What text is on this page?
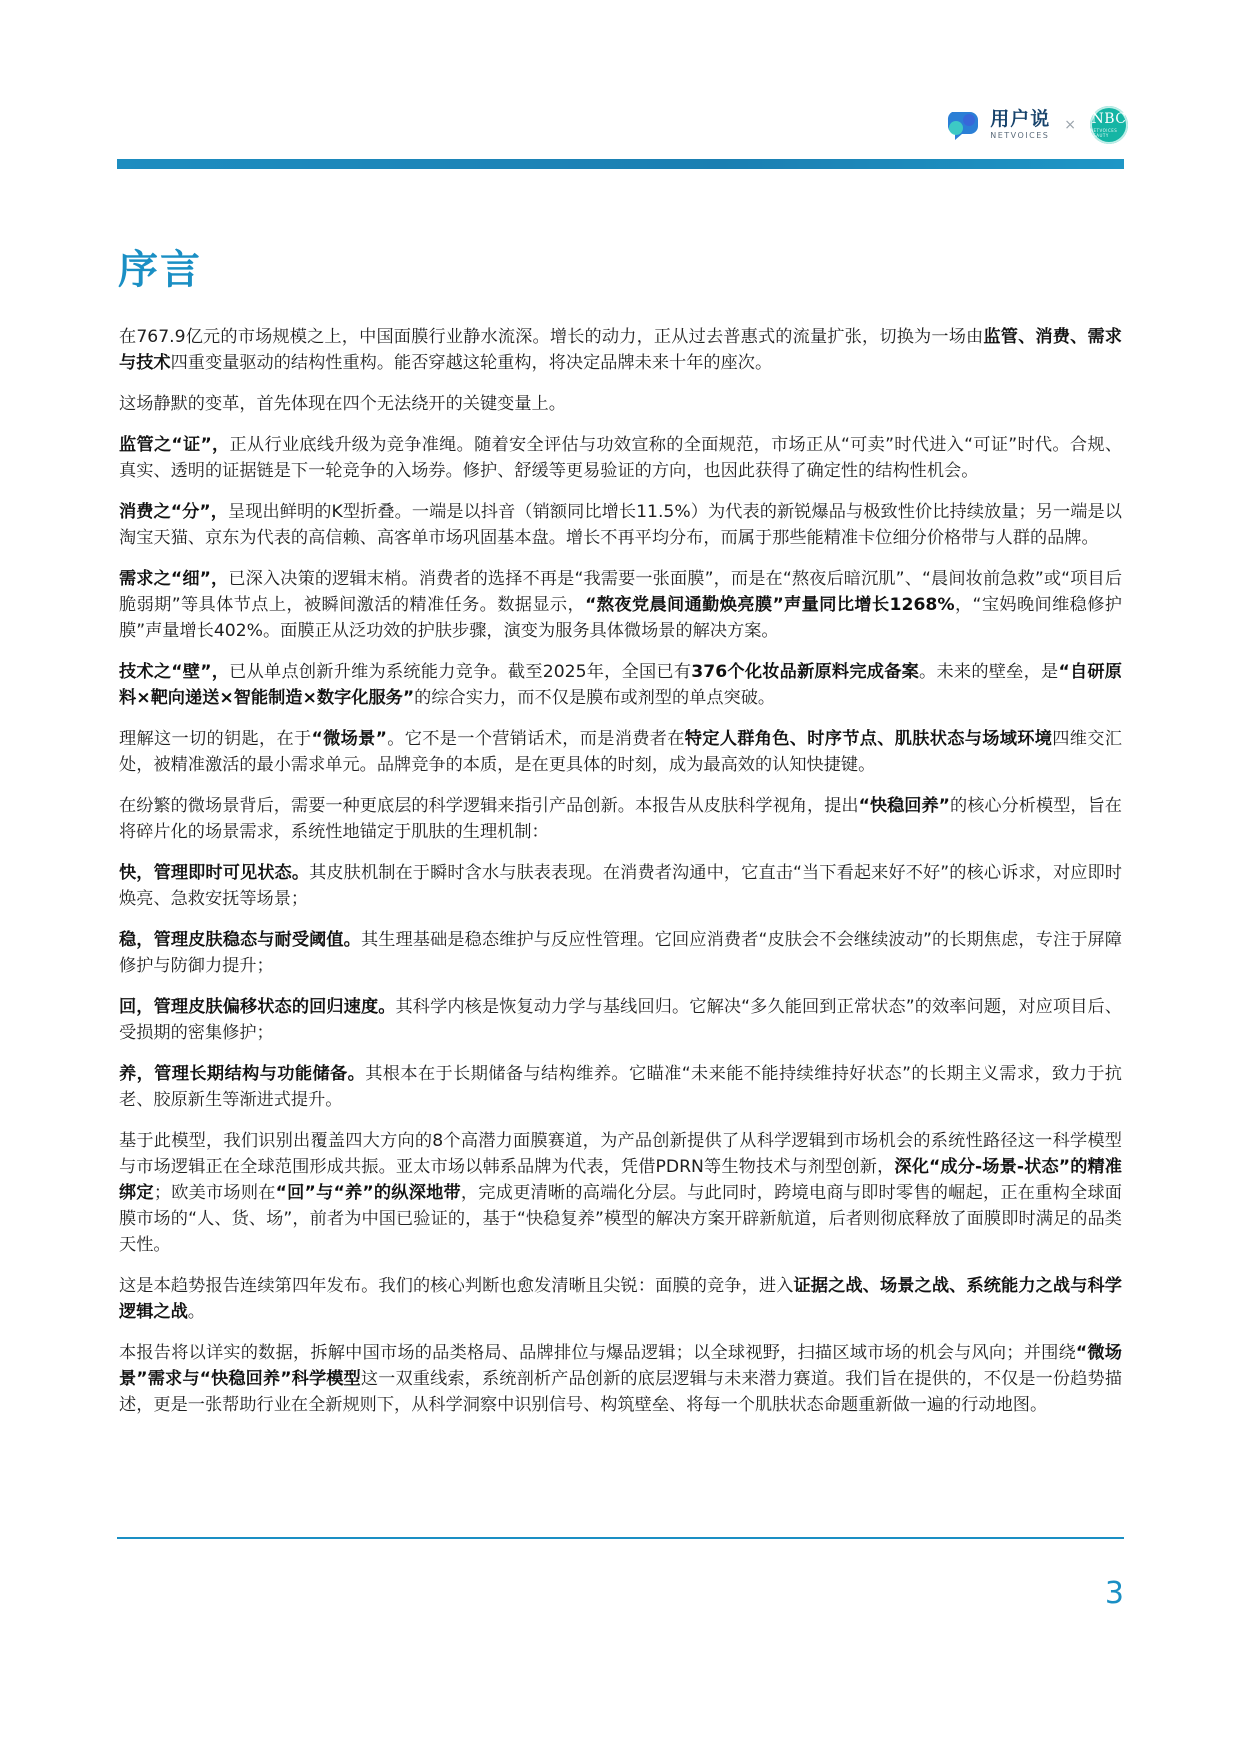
用户说
NETVOICES
× NBC
NETVOICES BEAUTY
序言

在767.9亿元的市场规模之上，中国面膜行业静水流深。增长的动力，正从过去普惠式的流量扩张，切换为一场由监管、消费、需求与技术四重变量驱动的结构性重构。能否穿越这轮重构，将决定品牌未来十年的座次。

这场静默的变革，首先体现在四个无法绕开的关键变量上。

监管之“证”，正从行业底线升级为竞争准绳。随着安全评估与功效宣称的全面规范，市场正从“可卖”时代进入“可证”时代。合规、真实、透明的证据链是下一轮竞争的入场券。修护、舒缓等更易验证的方向，也因此获得了确定性的结构性机会。

消费之“分”，呈现出鲜明的K型折叠。一端是以抖音（销额同比增长11.5%）为代表的新锐爆品与极致性价比持续放量；另一端是以淘宝天猫、京东为代表的高信赖、高客单市场巩固基本盘。增长不再平均分布，而属于那些能精准卡位细分价格带与人群的品牌。

需求之“细”，已深入决策的逻辑末梢。消费者的选择不再是“我需要一张面膜”，而是在“熬夜后暗沉肌”、“晨间妆前急救”或“项目后脆弱期”等具体节点上，被瞬间激活的精准任务。数据显示，“熬夜党晨间通勤焕亮膜”声量同比增长1268%，“宝妈晚间维稳修护膜”声量增长402%。面膜正从泛功效的护肤步骤，演变为服务具体微场景的解决方案。

技术之“壁”，已从单点创新升维为系统能力竞争。截至2025年，全国已有376个化妆品新原料完成备案。未来的壁垒，是“自研原料×靶向递送×智能制造×数字化服务”的综合实力，而不仅是膜布或剂型的单点突破。

理解这一切的钥匙，在于“微场景”。它不是一个营销话术，而是消费者在特定人群角色、时序节点、肌肤状态与场域环境四维交汇处，被精准激活的最小需求单元。品牌竞争的本质，是在更具体的时刻，成为最高效的认知快捷键。

在纷繁的微场景背后，需要一种更底层的科学逻辑来指引产品创新。本报告从皮肤科学视角，提出“快稳回养”的核心分析模型，旨在将碎片化的场景需求，系统性地锚定于肌肤的生理机制：

快，管理即时可见状态。其皮肤机制在于瞬时含水与肤表表现。在消费者沟通中，它直击“当下看起来好不好”的核心诉求，对应即时焕亮、急救安抚等场景；

稳，管理皮肤稳态与耐受阈值。其生理基础是稳态维护与反应性管理。它回应消费者“皮肤会不会继续波动”的长期焦虑，专注于屏障修护与防御力提升；

回，管理皮肤偏移状态的回归速度。其科学内核是恢复动力学与基线回归。它解决“多久能回到正常状态”的效率问题，对应项目后、受损期的密集修护；

养，管理长期结构与功能储备。其根本在于长期储备与结构维养。它瞄准“未来能不能持续维持好状态”的长期主义需求，致力于抗老、胶原新生等渐进式提升。

基于此模型，我们识别出覆盖四大方向的8个高潜力面膜赛道，为产品创新提供了从科学逻辑到市场机会的系统性路径这一科学模型与市场逻辑正在全球范围形成共振。亚太市场以韩系品牌为代表，凭借PDRN等生物技术与剂型创新，深化“成分-场景-状态”的精准绑定；欧美市场则在“回”与“养”的纵深地带，完成更清晰的高端化分层。与此同时，跨境电商与即时零售的崛起，正在重构全球面膜市场的“人、货、场”，前者为中国已验证的，基于“快稳复养”模型的解决方案开辟新航道，后者则彻底释放了面膜即时满足的品类天性。

这是本趋势报告连续第四年发布。我们的核心判断也愈发清晰且尖锐：面膜的竞争，进入证据之战、场景之战、系统能力之战与科学逻辑之战。

本报告将以详实的数据，拆解中国市场的品类格局、品牌排位与爆品逻辑；以全球视野，扫描区域市场的机会与风向；并围绕“微场景”需求与“快稳回养”科学模型这一双重线索，系统剖析产品创新的底层逻辑与未来潜力赛道。我们旨在提供的，不仅是一份趋势描述，更是一张帮助行业在全新规则下，从科学洞察中识别信号、构筑壁垒、将每一个肌肤状态命题重新做一遍的行动地图。

3
